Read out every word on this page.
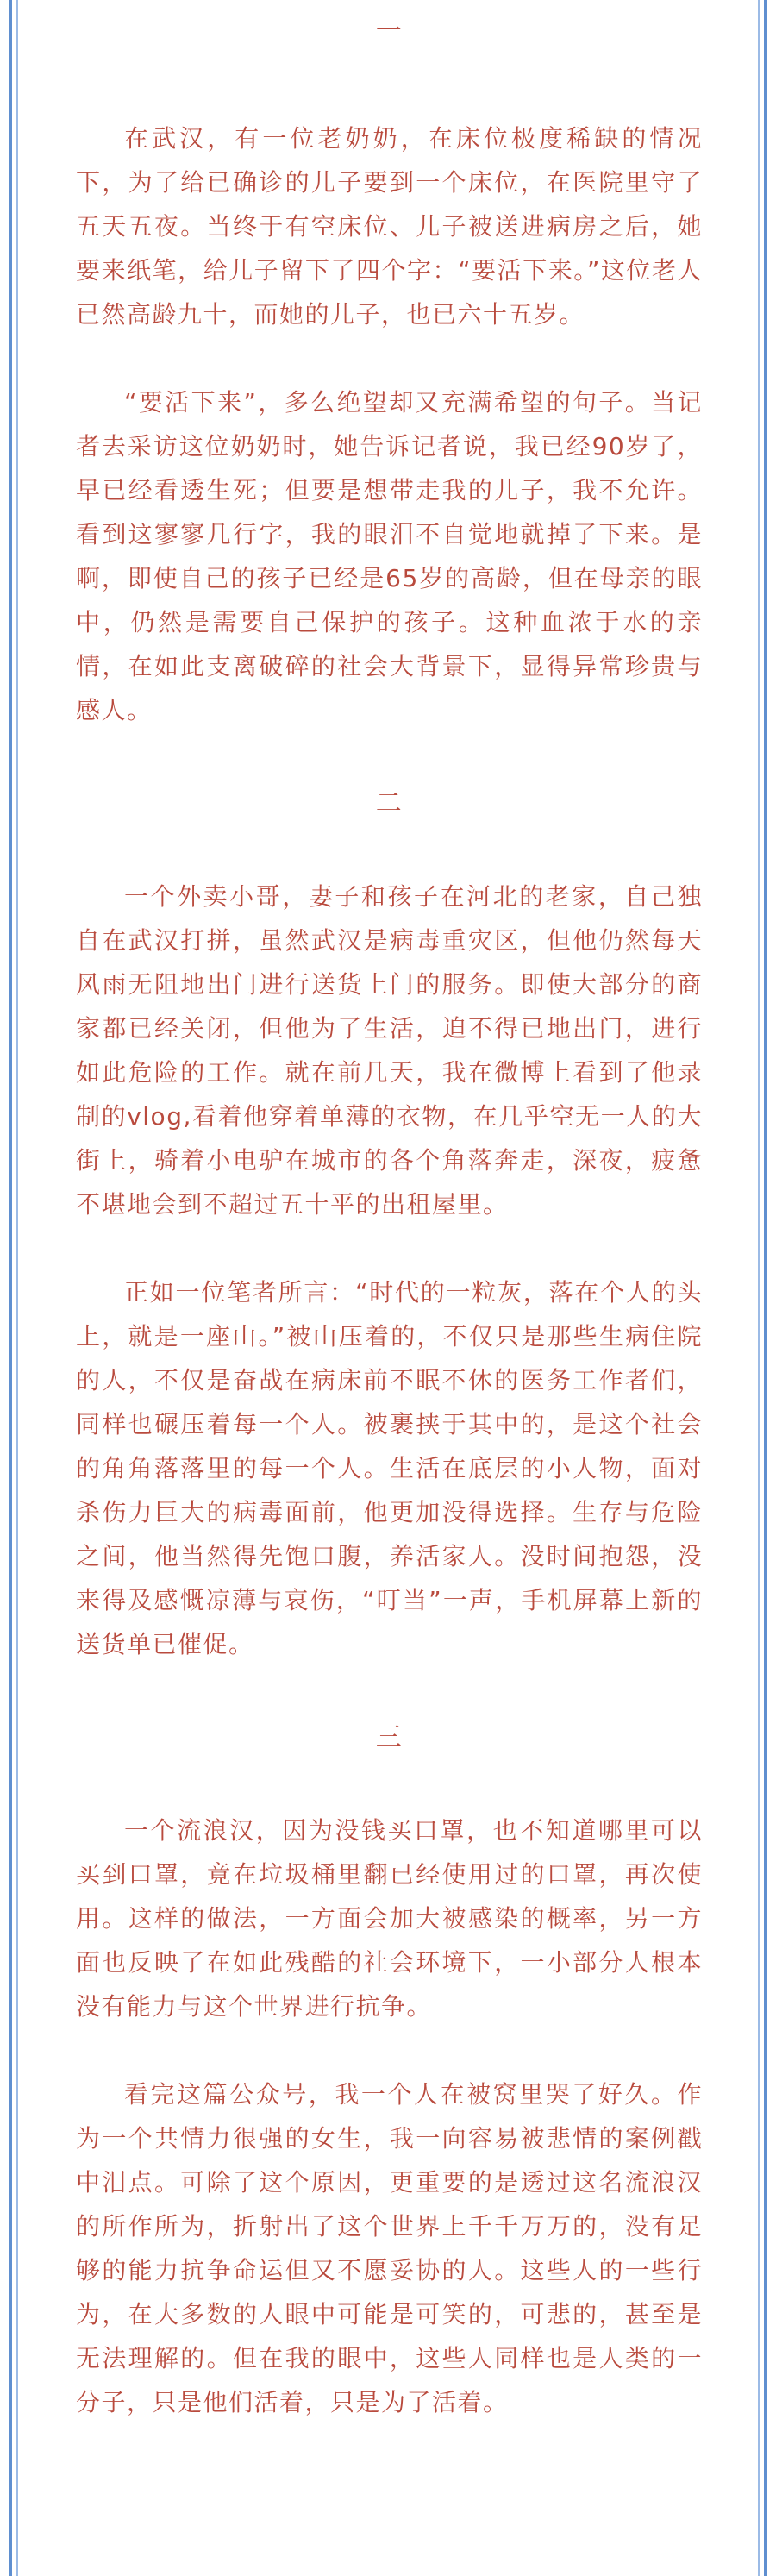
一

在武汉，有一位老奶奶，在床位极度稀缺的情况下，为了给已确诊的儿子要到一个床位，在医院里守了五天五夜。当终于有空床位、儿子被送进病房之后，她要来纸笔，给儿子留下了四个字：“要活下来。”这位老人已然高龄九十，而她的儿子，也已六十五岁。

“要活下来”，多么绝望却又充满希望的句子。当记者去采访这位奶奶时，她告诉记者说，我已经90岁了，早已经看透生死；但要是想带走我的儿子，我不允许。看到这寥寥几行字，我的眼泪不自觉地就掉了下来。是啊，即使自己的孩子已经是65岁的高龄，但在母亲的眼中，仍然是需要自己保护的孩子。这种血浓于水的亲情，在如此支离破碎的社会大背景下，显得异常珍贵与感人。

二

一个外卖小哥，妻子和孩子在河北的老家，自己独自在武汉打拼，虽然武汉是病毒重灾区，但他仍然每天风雨无阻地出门进行送货上门的服务。即使大部分的商家都已经关闭，但他为了生活，迫不得已地出门，进行如此危险的工作。就在前几天，我在微博上看到了他录制的vlog,看着他穿着单薄的衣物，在几乎空无一人的大街上，骑着小电驴在城市的各个角落奔走，深夜，疲惫不堪地会到不超过五十平的出租屋里。

正如一位笔者所言：“时代的一粒灰，落在个人的头上，就是一座山。”被山压着的，不仅只是那些生病住院的人，不仅是奋战在病床前不眠不休的医务工作者们，同样也碾压着每一个人。被裹挟于其中的，是这个社会的角角落落里的每一个人。生活在底层的小人物，面对杀伤力巨大的病毒面前，他更加没得选择。生存与危险之间，他当然得先饱口腹，养活家人。没时间抱怨，没来得及感慨凉薄与哀伤，“叮当”一声，手机屏幕上新的送货单已催促。

三

一个流浪汉，因为没钱买口罩，也不知道哪里可以买到口罩，竟在垃圾桶里翻已经使用过的口罩，再次使用。这样的做法，一方面会加大被感染的概率，另一方面也反映了在如此残酷的社会环境下，一小部分人根本没有能力与这个世界进行抗争。

看完这篇公众号，我一个人在被窝里哭了好久。作为一个共情力很强的女生，我一向容易被悲情的案例戳中泪点。可除了这个原因，更重要的是透过这名流浪汉的所作所为，折射出了这个世界上千千万万的，没有足够的能力抗争命运但又不愿妥协的人。这些人的一些行为，在大多数的人眼中可能是可笑的，可悲的，甚至是无法理解的。但在我的眼中，这些人同样也是人类的一分子，只是他们活着，只是为了活着。
